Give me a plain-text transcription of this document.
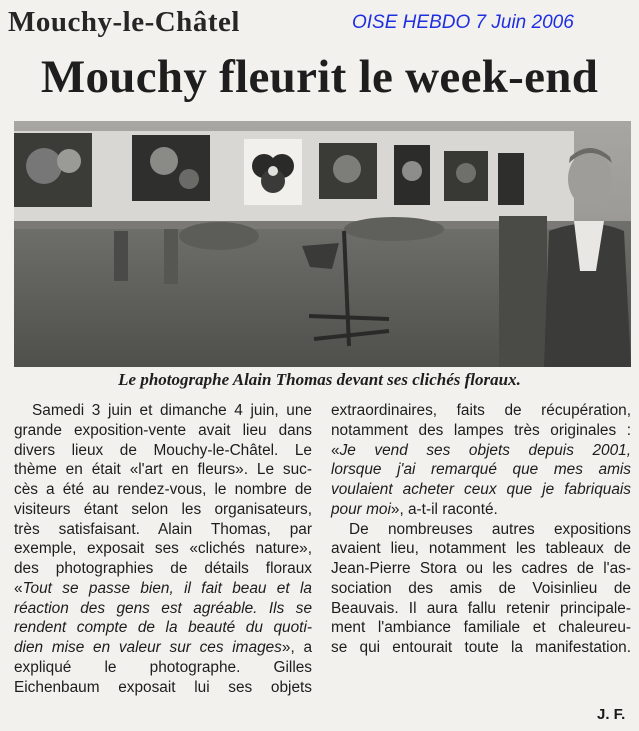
Mouchy-le-Châtel	OISE HEBDO 7 Juin 2006
Mouchy fleurit le week-end
Le photographe Alain Thomas devant ses clichés floraux.
Samedi 3 juin et dimanche 4 juin, une
grande exposition-vente avait lieu dans
divers lieux de Mouchy-le-Châtel. Le
thème en était «l'art en fleurs». Le suc-
cès a été au rendez-vous, le nombre de
visiteurs étant selon les organisateurs,
très satisfaisant. Alain Thomas, par
exemple, exposait ses «clichés nature»,
des photographies de détails floraux
«Tout se passe bien, il fait beau et la
réaction des gens est agréable. Ils se
rendent compte de la beauté du quoti-
dien mise en valeur sur ces images», a
expliqué le photographe. Gilles
Eichenbaum exposait lui ses objets
extraordinaires, faits de récupération,
notamment des lampes très originales :
«Je vend ses objets depuis 2001,
lorsque j'ai remarqué que mes amis
voulaient acheter ceux que je fabriquais
pour moi», a-t-il raconté.
De nombreuses autres expositions
avaient lieu, notamment les tableaux de
Jean-Pierre Stora ou les cadres de l'as-
sociation des amis de Voisinlieu de
Beauvais. Il aura fallu retenir principale-
ment l'ambiance familiale et chaleureu-
se qui entourait toute la manifestation.
J. F.
